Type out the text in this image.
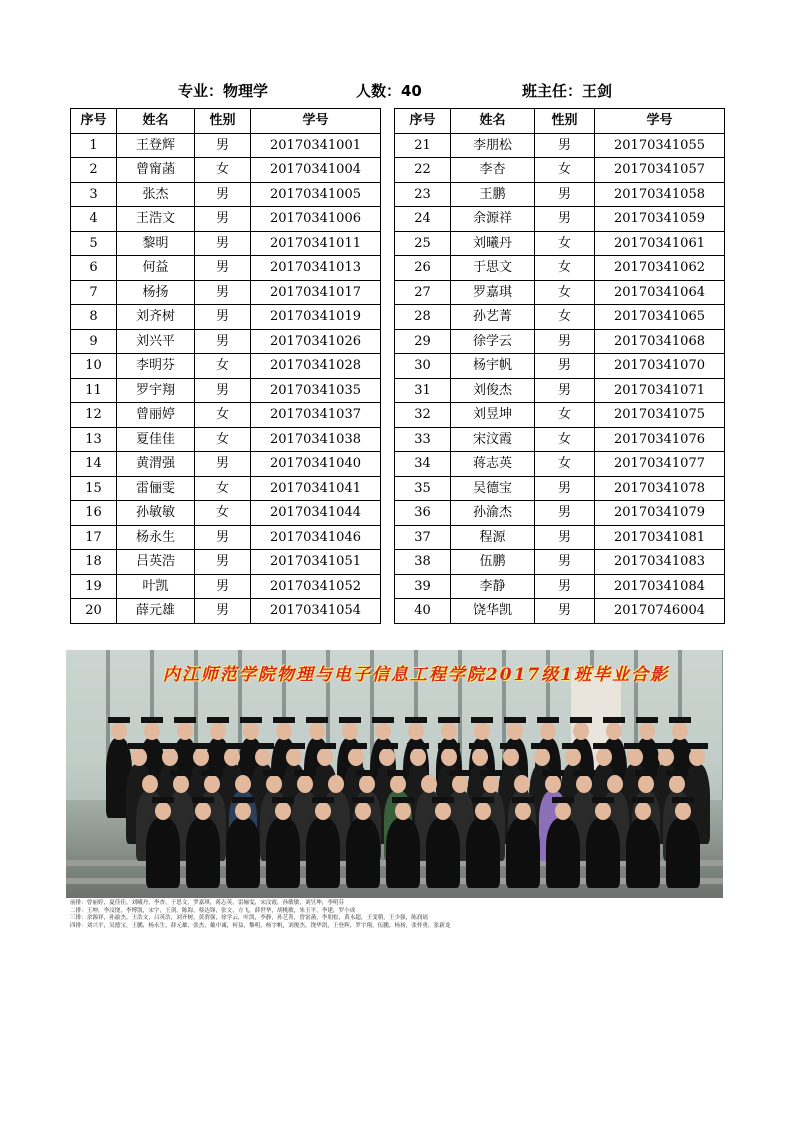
专业：物理学	人数：40	班主任：王剑
序号	姓名	性别	学号
1	王登辉	男	20170341001
2	曾甯菡	女	20170341004
3	张杰	男	20170341005
4	王浩文	男	20170341006
5	黎明	男	20170341011
6	何益	男	20170341013
7	杨扬	男	20170341017
8	刘齐树	男	20170341019
9	刘兴平	男	20170341026
10	李明芬	女	20170341028
11	罗宇翔	男	20170341035
12	曾丽婷	女	20170341037
13	夏佳佳	女	20170341038
14	黄渭强	男	20170341040
15	雷俪雯	女	20170341041
16	孙敏敏	女	20170341044
17	杨永生	男	20170341046
18	吕英浩	男	20170341051
19	叶凯	男	20170341052
20	薛元雄	男	20170341054
序号	姓名	性别	学号
21	李朋松	男	20170341055
22	李杏	女	20170341057
23	王鹏	男	20170341058
24	余源祥	男	20170341059
25	刘曦丹	女	20170341061
26	于思文	女	20170341062
27	罗嘉琪	女	20170341064
28	孙艺菁	女	20170341065
29	徐学云	男	20170341068
30	杨宇帆	男	20170341070
31	刘俊杰	男	20170341071
32	刘昱坤	女	20170341075
33	宋汶霞	女	20170341076
34	蒋志英	女	20170341077
35	吴德宝	男	20170341078
36	孙渝杰	男	20170341079
37	程源	男	20170341081
38	伍鹏	男	20170341083
39	李静	男	20170341084
40	饶华凯	男	20170746004
内江师范学院物理与电子信息工程学院2017级1班毕业合影
前排：曾丽婷，夏佳佳，刘曦丹，李杏，于思文，罗嘉琪，蒋志英，雷俪雯，宋汶霞，孙敏敏，刘昱坤，李明芬
二排：王坤，李汶饶，李博凯，宋宇，王剑，陈海，蔡达锋，张文，方飞，薛世华，胡桃敏，朱玉平，李建，罗小成
三排：余源祥，孙渝杰，王浩文，吕英浩，刘齐树，黄渭强，徐学云，叶凯，李静，孙艺菁，曾甯菡，李朋松，黄永超，王变朝，王少强，陈润瑶
四排：刘兴平，吴德宝，王鹏，杨永生，薛元雄，张杰，戴中诚，何益，黎明，杨宇帆，刘俊杰，饶华凯，王登辉，罗宇翔，伍鹏，杨扬，张怀勇，张新龙
